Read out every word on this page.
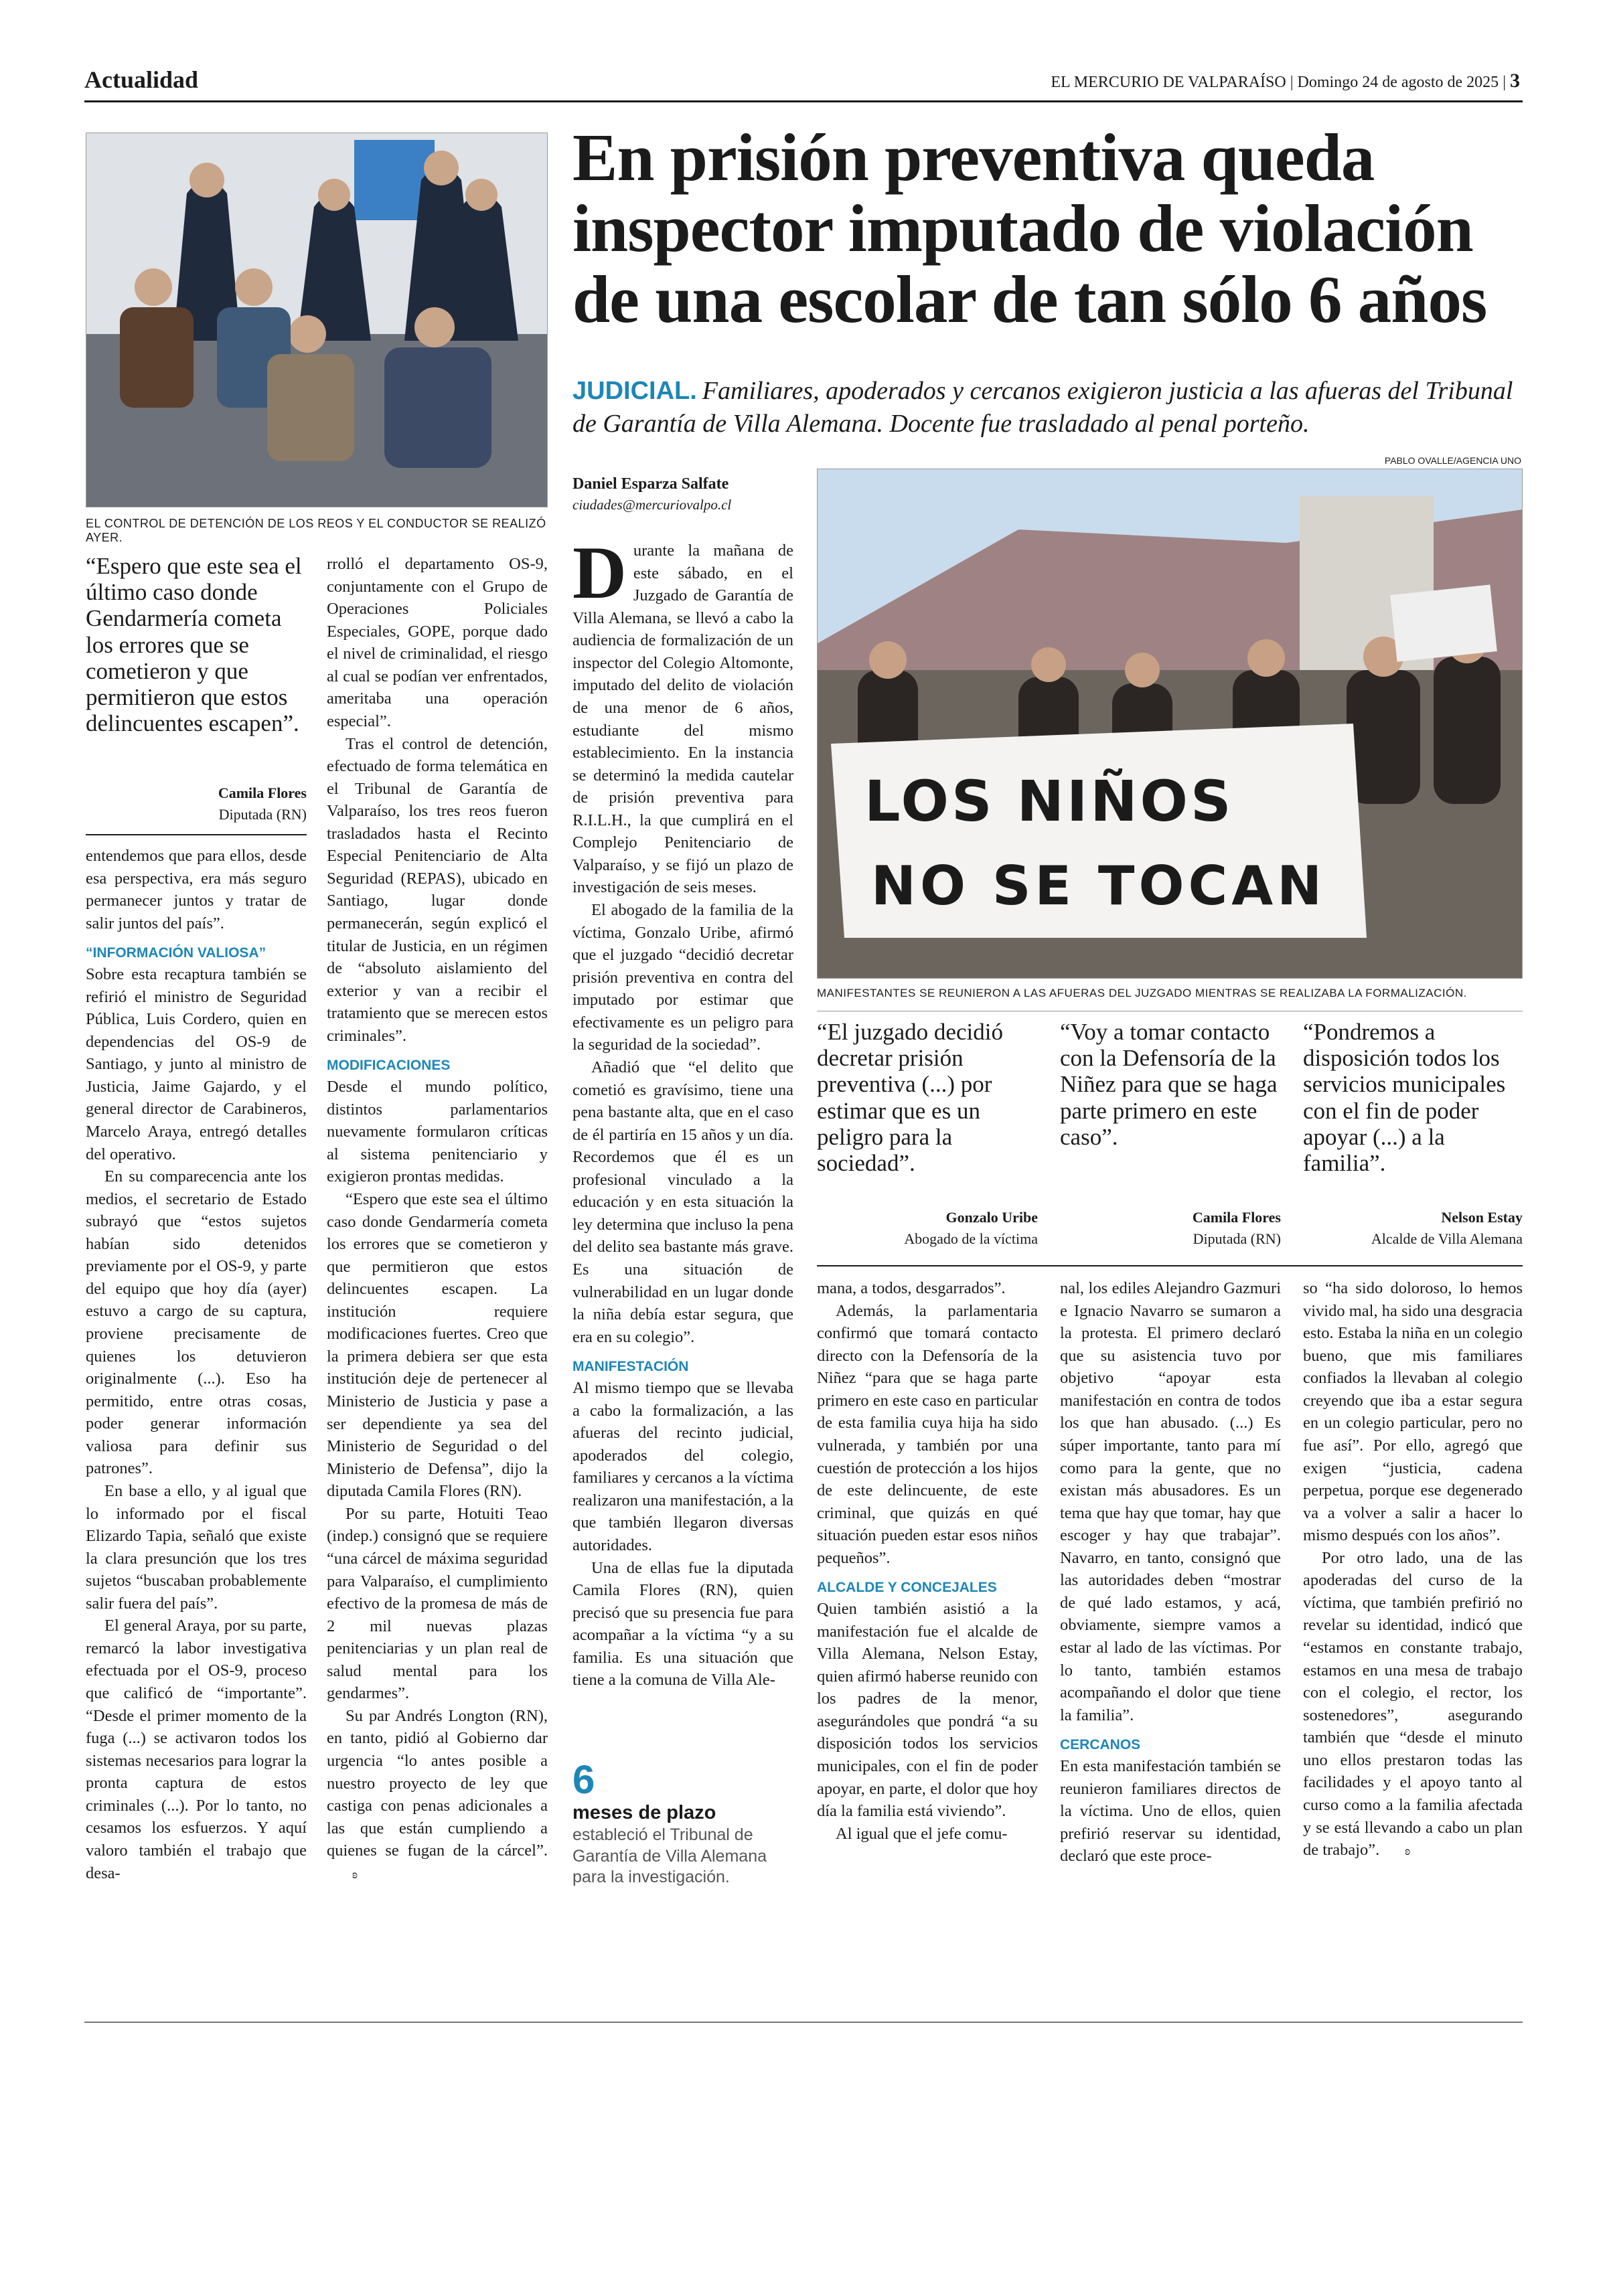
Actualidad	EL MERCURIO DE VALPARAÍSO | Domingo 24 de agosto de 2025 | 3
EL CONTROL DE DETENCIÓN DE LOS REOS Y EL CONDUCTOR SE REALIZÓ AYER.
En prisión preventiva queda inspector imputado de violación de una escolar de tan sólo 6 años
JUDICIAL. Familiares, apoderados y cercanos exigieron justicia a las afueras del Tribunal de Garantía de Villa Alemana. Docente fue trasladado al penal porteño.
Daniel Esparza Salfate
ciudades@mercuriovalpo.cl
PABLO OVALLE/AGENCIA UNO
LOS NIÑOS
NO SE TOCAN
MANIFESTANTES SE REUNIERON A LAS AFUERAS DEL JUZGADO MIENTRAS SE REALIZABA LA FORMALIZACIÓN.
“Espero que este sea el último caso donde Gendarmería cometa los errores que se cometieron y que permitieron que estos delincuentes escapen”.
Camila Flores
Diputada (RN)

entendemos que para ellos, desde esa perspectiva, era más seguro permanecer juntos y tratar de salir juntos del país”.

“INFORMACIÓN VALIOSA”

Sobre esta recaptura también se refirió el ministro de Seguridad Pública, Luis Cordero, quien en dependencias del OS-9 de Santiago, y junto al ministro de Justicia, Jaime Gajardo, y el general director de Carabineros, Marcelo Araya, entregó detalles del operativo.

En su comparecencia ante los medios, el secretario de Estado subrayó que “estos sujetos habían sido detenidos previamente por el OS-9, y parte del equipo que hoy día (ayer) estuvo a cargo de su captura, proviene precisamente de quienes los detuvieron originalmente (...). Eso ha permitido, entre otras cosas, poder generar información valiosa para definir sus patrones”.

En base a ello, y al igual que lo informado por el fiscal Elizardo Tapia, señaló que existe la clara presunción que los tres sujetos “buscaban probablemente salir fuera del país”.

El general Araya, por su parte, remarcó la labor investigativa efectuada por el OS-9, proceso que calificó de “importante”. “Desde el primer momento de la fuga (...) se activaron todos los sistemas necesarios para lograr la pronta captura de estos criminales (...). Por lo tanto, no cesamos los esfuerzos. Y aquí valoro también el trabajo que desa-

rrolló el departamento OS-9, conjuntamente con el Grupo de Operaciones Policiales Especiales, GOPE, porque dado el nivel de criminalidad, el riesgo al cual se podían ver enfrentados, ameritaba una operación especial”.

Tras el control de detención, efectuado de forma telemática en el Tribunal de Garantía de Valparaíso, los tres reos fueron trasladados hasta el Recinto Especial Penitenciario de Alta Seguridad (REPAS), ubicado en Santiago, lugar donde permanecerán, según explicó el titular de Justicia, en un régimen de “absoluto aislamiento del exterior y van a recibir el tratamiento que se merecen estos criminales”.

MODIFICACIONES

Desde el mundo político, distintos parlamentarios nuevamente formularon críticas al sistema penitenciario y exigieron prontas medidas.

“Espero que este sea el último caso donde Gendarmería cometa los errores que se cometieron y que permitieron que estos delincuentes escapen. La institución requiere modificaciones fuertes. Creo que la primera debiera ser que esta institución deje de pertenecer al Ministerio de Justicia y pase a ser dependiente ya sea del Ministerio de Seguridad o del Ministerio de Defensa”, dijo la diputada Camila Flores (RN).

Por su parte, Hotuiti Teao (indep.) consignó que se requiere “una cárcel de máxima seguridad para Valparaíso, el cumplimiento efectivo de la promesa de más de 2 mil nuevas plazas penitenciarias y un plan real de salud mental para los gendarmes”.

Su par Andrés Longton (RN), en tanto, pidió al Gobierno dar urgencia “lo antes posible a nuestro proyecto de ley que castiga con penas adicionales a las que están cumpliendo a quienes se fugan de la cárcel”.ʚ

Durante la mañana de este sábado, en el Juzgado de Garantía de Villa Alemana, se llevó a cabo la audiencia de formalización de un inspector del Colegio Altomonte, imputado del delito de violación de una menor de 6 años, estudiante del mismo establecimiento. En la instancia se determinó la medida cautelar de prisión preventiva para R.I.L.H., la que cumplirá en el Complejo Penitenciario de Valparaíso, y se fijó un plazo de investigación de seis meses.

El abogado de la familia de la víctima, Gonzalo Uribe, afirmó que el juzgado “decidió decretar prisión preventiva en contra del imputado por estimar que efectivamente es un peligro para la seguridad de la sociedad”.

Añadió que “el delito que cometió es gravísimo, tiene una pena bastante alta, que en el caso de él partiría en 15 años y un día. Recordemos que él es un profesional vinculado a la educación y en esta situación la ley determina que incluso la pena del delito sea bastante más grave. Es una situación de vulnerabilidad en un lugar donde la niña debía estar segura, que era en su colegio”.

MANIFESTACIÓN

Al mismo tiempo que se llevaba a cabo la formalización, a las afueras del recinto judicial, apoderados del colegio, familiares y cercanos a la víctima realizaron una manifestación, a la que también llegaron diversas autoridades.

Una de ellas fue la diputada Camila Flores (RN), quien precisó que su presencia fue para acompañar a la víctima “y a su familia. Es una situación que tiene a la comuna de Villa Ale-

6
meses de plazo estableció el Tribunal de Garantía de Villa Alemana para la investigación.
“El juzgado decidió decretar prisión preventiva (...) por estimar que es un peligro para la sociedad”.
Gonzalo Uribe
Abogado de la víctima
“Voy a tomar contacto con la Defensoría de la Niñez para que se haga parte primero en este caso”.
Camila Flores
Diputada (RN)
“Pondremos a disposición todos los servicios municipales con el fin de poder apoyar (...) a la familia”.
Nelson Estay
Alcalde de Villa Alemana

mana, a todos, desgarrados”.

Además, la parlamentaria confirmó que tomará contacto directo con la Defensoría de la Niñez “para que se haga parte primero en este caso en particular de esta familia cuya hija ha sido vulnerada, y también por una cuestión de protección a los hijos de este delincuente, de este criminal, que quizás en qué situación pueden estar esos niños pequeños”.

ALCALDE Y CONCEJALES

Quien también asistió a la manifestación fue el alcalde de Villa Alemana, Nelson Estay, quien afirmó haberse reunido con los padres de la menor, asegurándoles que pondrá “a su disposición todos los servicios municipales, con el fin de poder apoyar, en parte, el dolor que hoy día la familia está viviendo”.

Al igual que el jefe comu-

nal, los ediles Alejandro Gazmuri e Ignacio Navarro se sumaron a la protesta. El primero declaró que su asistencia tuvo por objetivo “apoyar esta manifestación en contra de todos los que han abusado. (...) Es súper importante, tanto para mí como para la gente, que no existan más abusadores. Es un tema que hay que tomar, hay que escoger y hay que trabajar”. Navarro, en tanto, consignó que las autoridades deben “mostrar de qué lado estamos, y acá, obviamente, siempre vamos a estar al lado de las víctimas. Por lo tanto, también estamos acompañando el dolor que tiene la familia”.

CERCANOS

En esta manifestación también se reunieron familiares directos de la víctima. Uno de ellos, quien prefirió reservar su identidad, declaró que este proce-

so “ha sido doloroso, lo hemos vivido mal, ha sido una desgracia esto. Estaba la niña en un colegio bueno, que mis familiares confiados la llevaban al colegio creyendo que iba a estar segura en un colegio particular, pero no fue así”. Por ello, agregó que exigen “justicia, cadena perpetua, porque ese degenerado va a volver a salir a hacer lo mismo después con los años”.

Por otro lado, una de las apoderadas del curso de la víctima, que también prefirió no revelar su identidad, indicó que “estamos en constante trabajo, estamos en una mesa de trabajo con el colegio, el rector, los sostenedores”, asegurando también que “desde el minuto uno ellos prestaron todas las facilidades y el apoyo tanto al curso como a la familia afectada y se está llevando a cabo un plan de trabajo”. ʚ
